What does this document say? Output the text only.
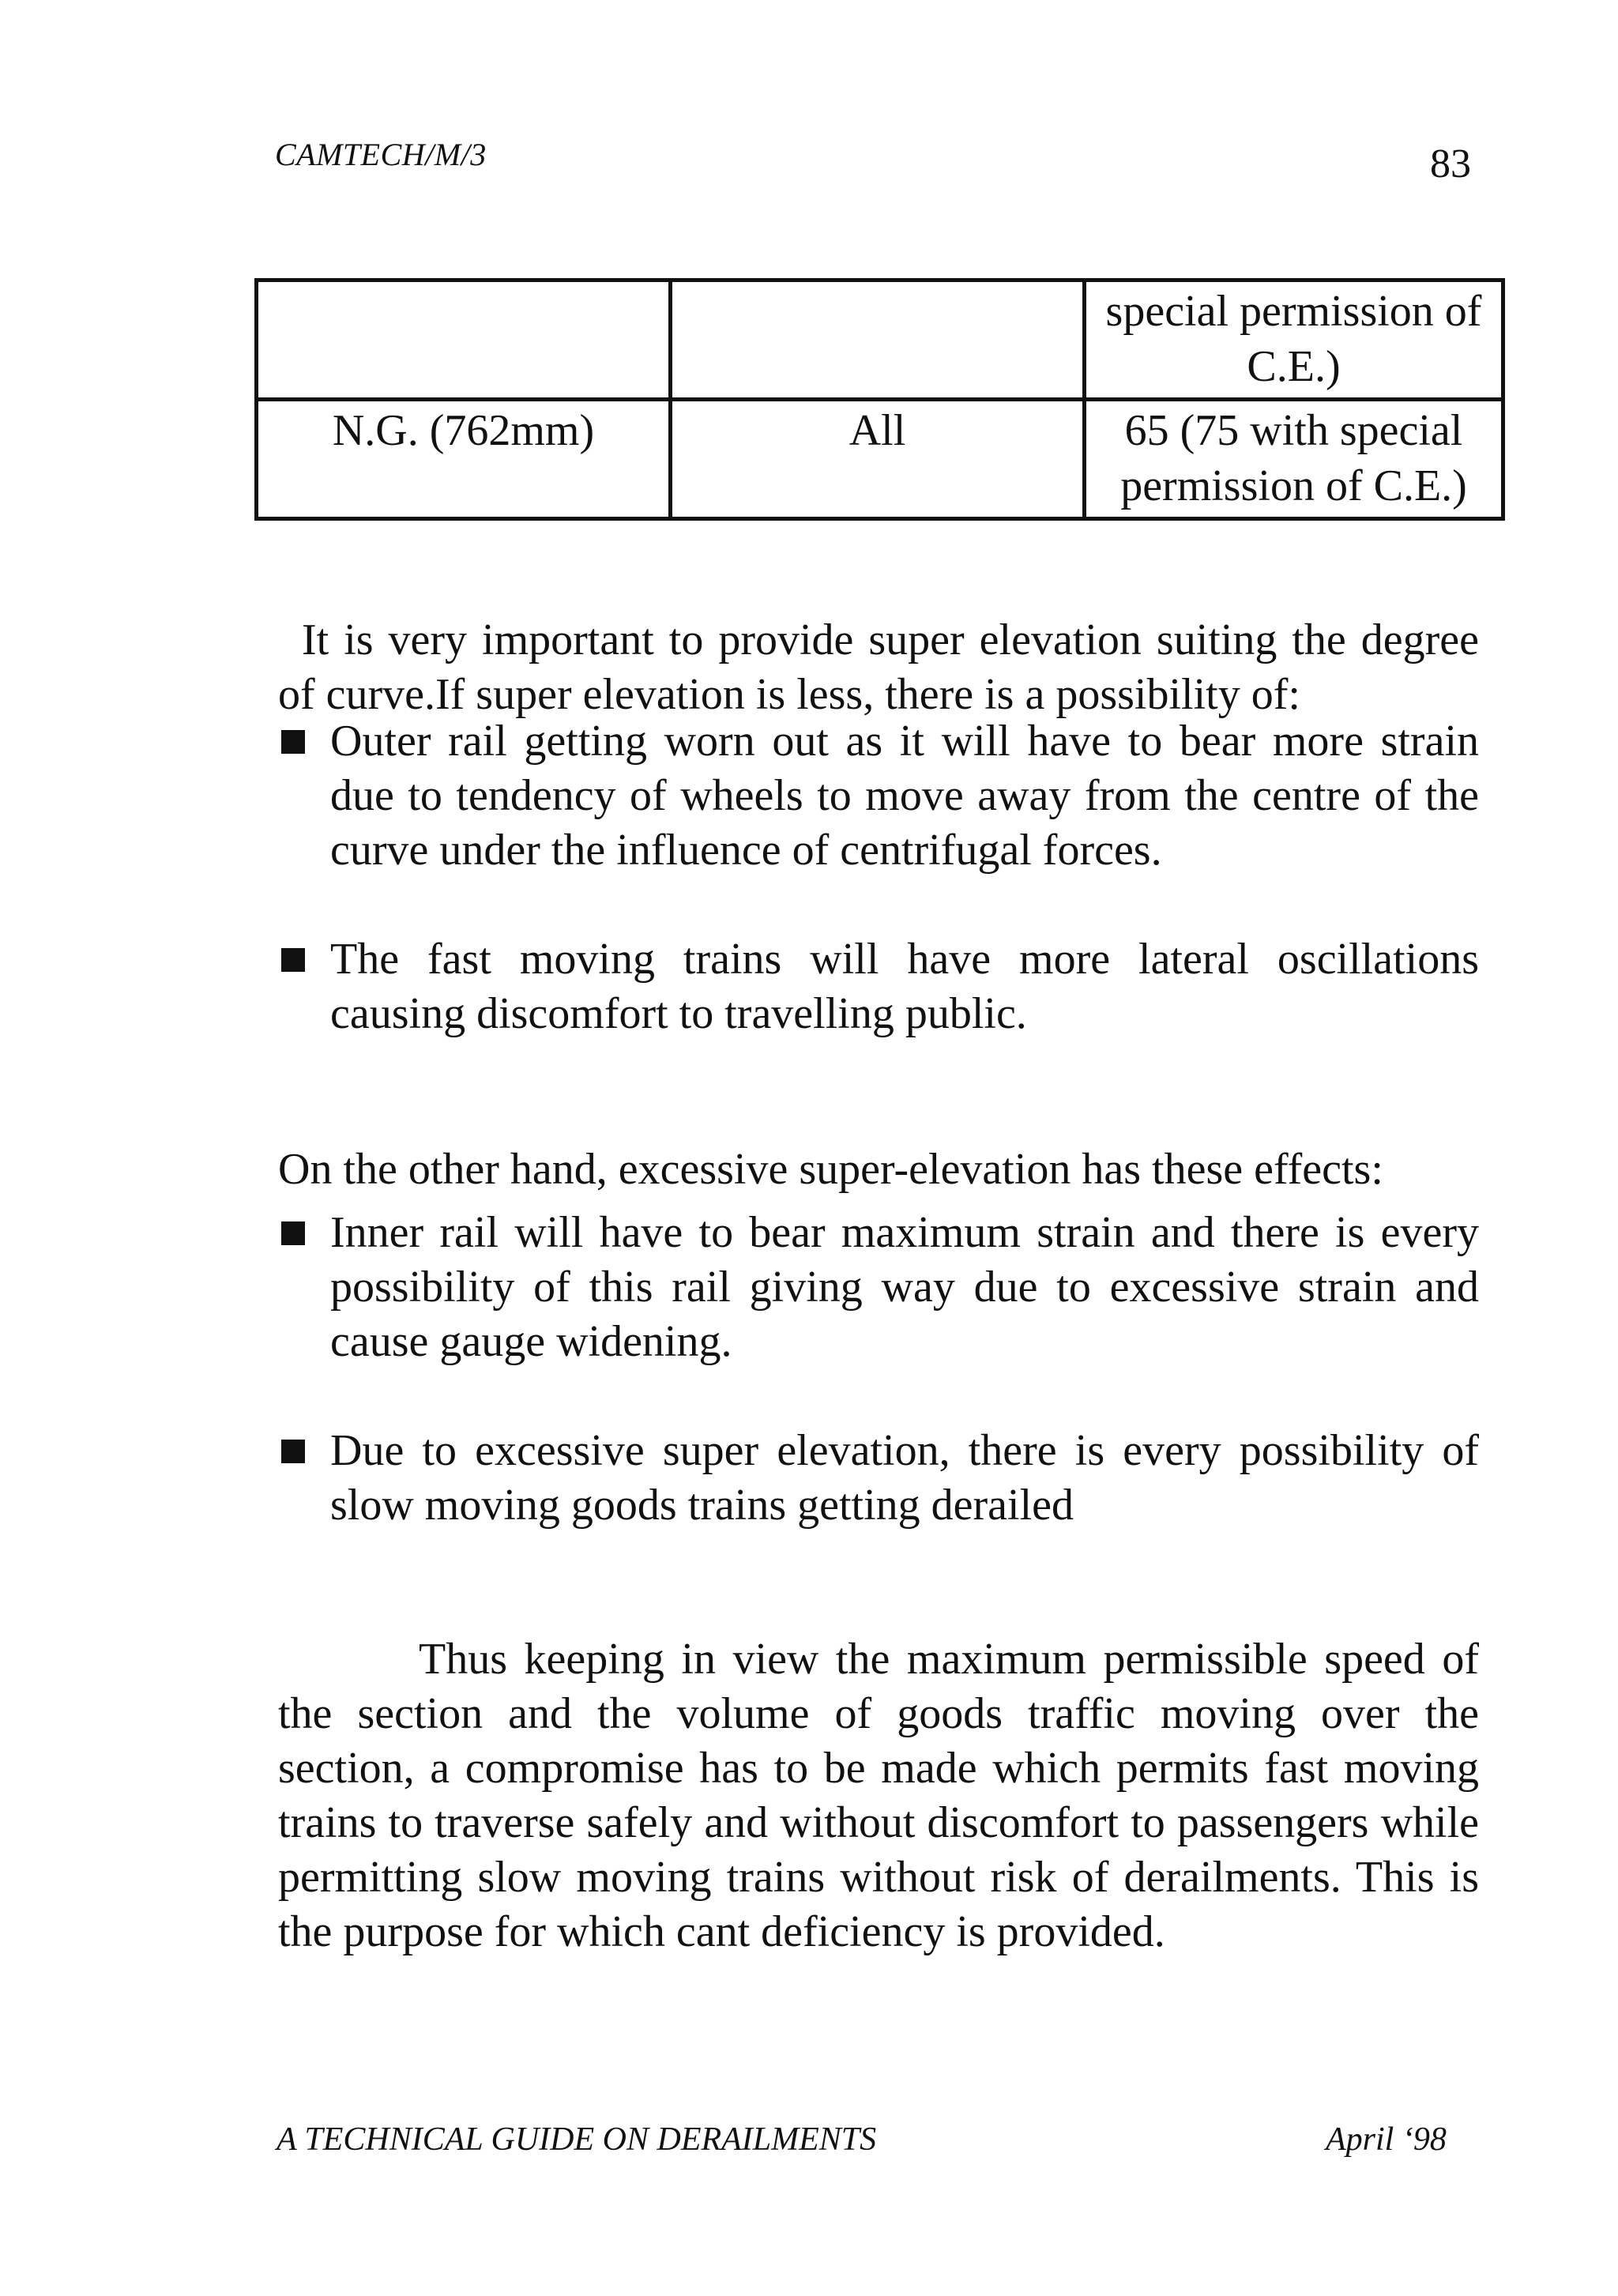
CAMTECH/M/3	83
		special permission of C.E.)
N.G. (762mm)	All	65 (75 with special permission of C.E.)

It is very important to provide super elevation suiting the degree of curve.If super elevation is less, there is a possibility of:

Outer rail getting worn out as it will have to bear more strain due to tendency of wheels to move away from the centre of the curve under the influence of centrifugal forces.
The fast moving trains will have more lateral oscillations causing discomfort to travelling public.

On the other hand, excessive super-elevation has these effects:

Inner rail will have to bear maximum strain and there is every possibility of this rail giving way due to excessive strain and cause gauge widening.
Due to excessive super elevation, there is every possibility of slow moving goods trains getting derailed

Thus keeping in view the maximum permissible speed of the section and the volume of goods traffic moving over the section, a compromise has to be made which permits fast moving trains to traverse safely and without discomfort to passengers while permitting slow moving trains without risk of derailments. This is the purpose for which cant deficiency is provided.

A TECHNICAL GUIDE ON DERAILMENTS	April ‘98
